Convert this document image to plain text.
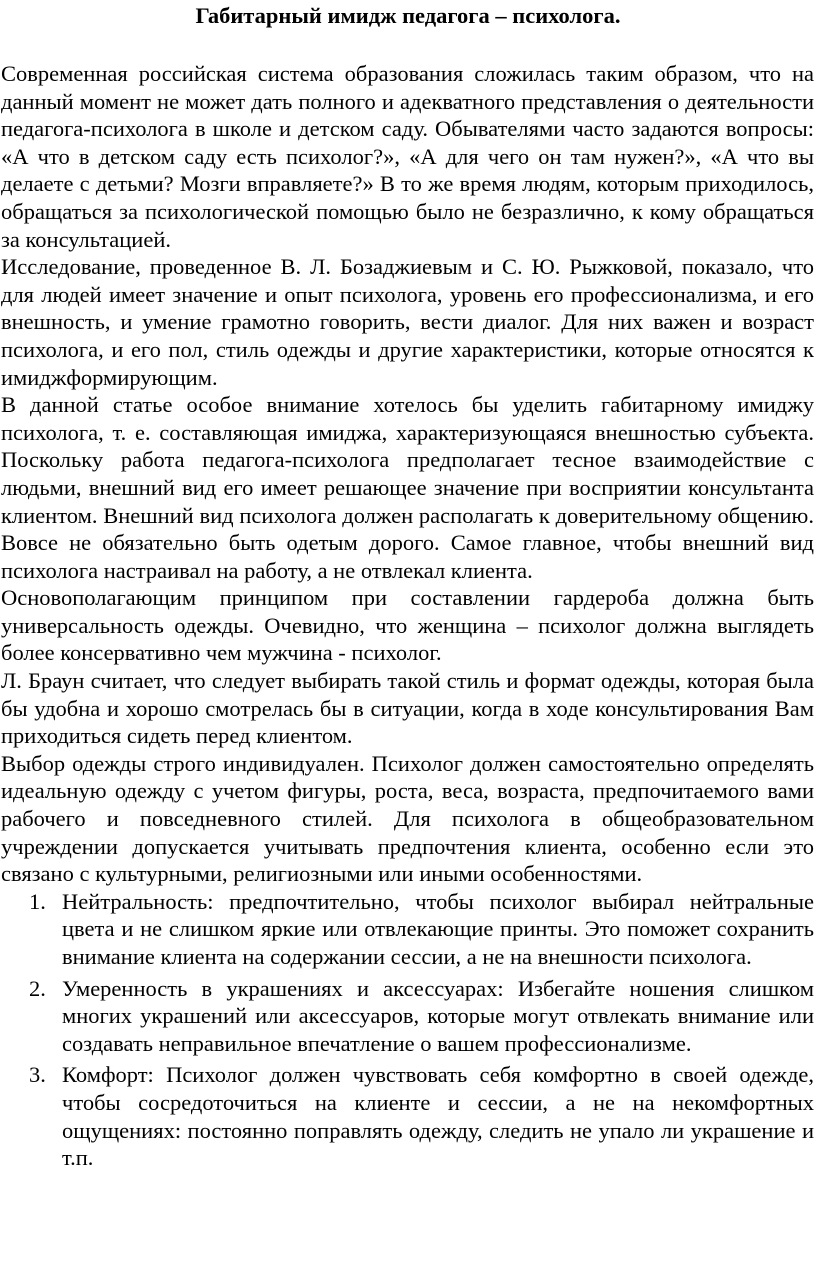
Габитарный имидж педагога – психолога.

Современная российская система образования сложилась таким образом, что на данный момент не может дать полного и адекватного представления о деятельности педагога-психолога в школе и детском саду. Обывателями часто задаются вопросы: «А что в детском саду есть психолог?», «А для чего он там нужен?», «А что вы делаете с детьми? Мозги вправляете?» В то же время людям, которым приходилось, обращаться за психологической помощью было не безразлично, к кому обращаться за консультацией.

Исследование, проведенное В. Л. Бозаджиевым и С. Ю. Рыжковой, показало, что для людей имеет значение и опыт психолога, уровень его профессионализма, и его внешность, и умение грамотно говорить, вести диалог. Для них важен и возраст психолога, и его пол, стиль одежды и другие характеристики, которые относятся к имиджформирующим.

В данной статье особое внимание хотелось бы уделить габитарному имиджу психолога, т. е. составляющая имиджа, характеризующаяся внешностью субъекта. Поскольку работа педагога-психолога предполагает тесное взаимодействие с людьми, внешний вид его имеет решающее значение при восприятии консультанта клиентом. Внешний вид психолога должен располагать к доверительному общению. Вовсе не обязательно быть одетым дорого. Самое главное, чтобы внешний вид психолога настраивал на работу, а не отвлекал клиента.

Основополагающим принципом при составлении гардероба должна быть универсальность одежды. Очевидно, что женщина – психолог должна выглядеть более консервативно чем мужчина - психолог.

Л. Браун считает, что следует выбирать такой стиль и формат одежды, которая была бы удобна и хорошо смотрелась бы в ситуации, когда в ходе консультирования Вам приходиться сидеть перед клиентом.

Выбор одежды строго индивидуален. Психолог должен самостоятельно определять идеальную одежду с учетом фигуры, роста, веса, возраста, предпочитаемого вами рабочего и повседневного стилей. Для психолога в общеобразовательном учреждении допускается учитывать предпочтения клиента, особенно если это связано с культурными, религиозными или иными особенностями.

1. Нейтральность: предпочтительно, чтобы психолог выбирал нейтральные цвета и не слишком яркие или отвлекающие принты. Это поможет сохранить внимание клиента на содержании сессии, а не на внешности психолога.
2. Умеренность в украшениях и аксессуарах: Избегайте ношения слишком многих украшений или аксессуаров, которые могут отвлекать внимание или создавать неправильное впечатление о вашем профессионализме.
3. Комфорт: Психолог должен чувствовать себя комфортно в своей одежде, чтобы сосредоточиться на клиенте и сессии, а не на некомфортных ощущениях: постоянно поправлять одежду, следить не упало ли украшение и т.п.
